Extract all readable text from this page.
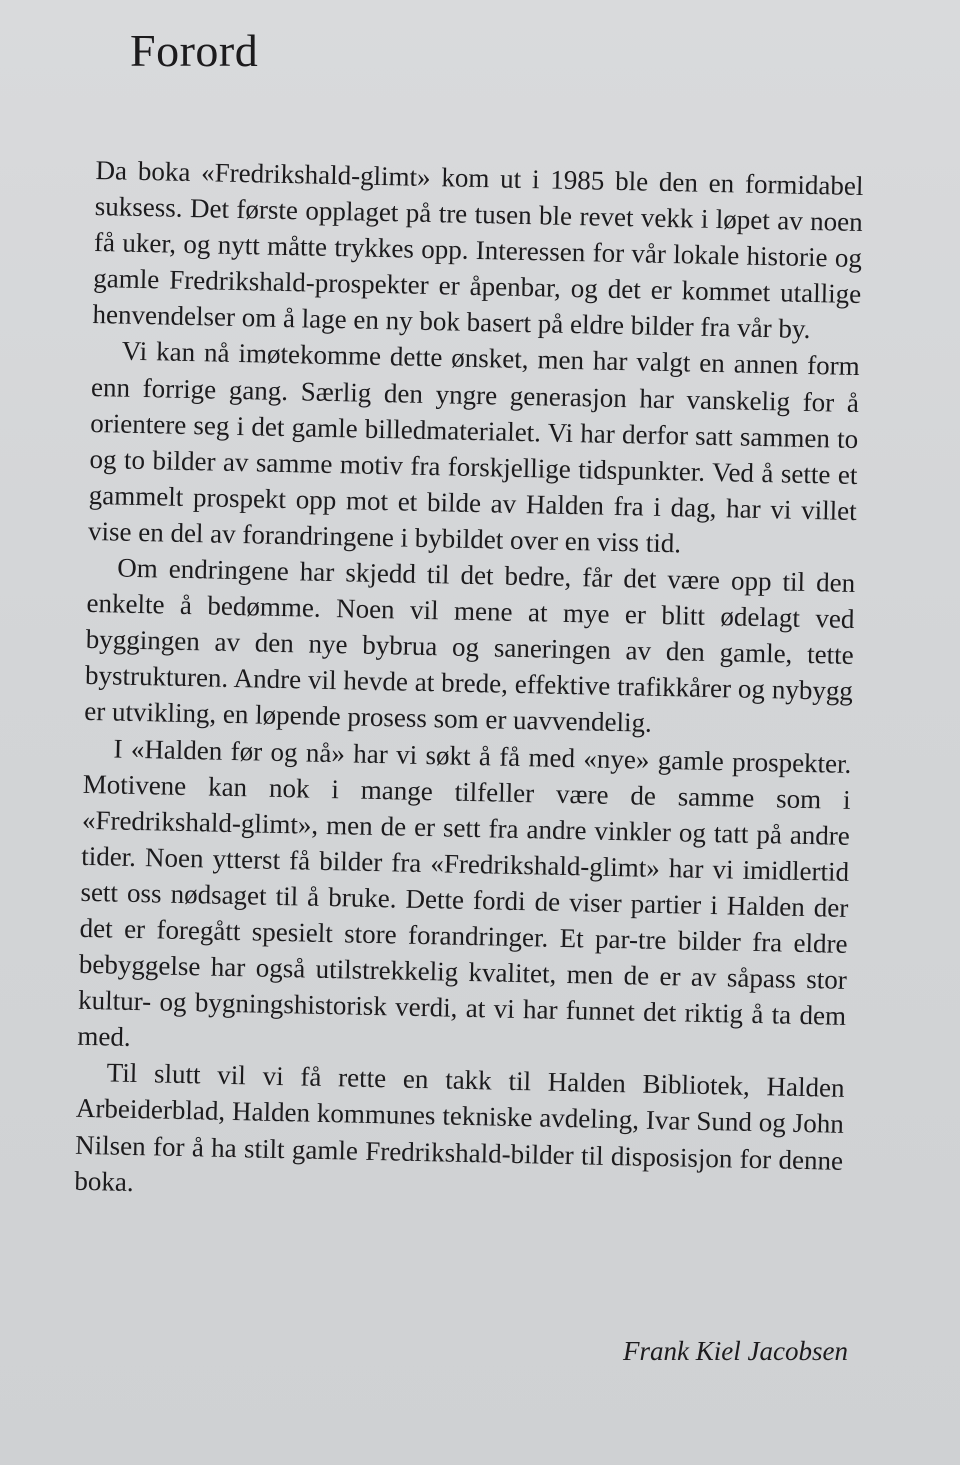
Forord

Da boka «Fredrikshald-glimt» kom ut i 1985 ble den en formidabel suksess. Det første opplaget på tre tusen ble revet vekk i løpet av noen få uker, og nytt måtte trykkes opp. Interessen for vår lokale historie og gamle Fredrikshald-prospekter er åpenbar, og det er kommet utallige henvendelser om å lage en ny bok basert på eldre bilder fra vår by.

Vi kan nå imøtekomme dette ønsket, men har valgt en annen form enn forrige gang. Særlig den yngre generasjon har vanskelig for å orientere seg i det gamle billedmaterialet. Vi har derfor satt sammen to og to bilder av samme motiv fra forskjellige tidspunkter. Ved å sette et gammelt prospekt opp mot et bilde av Halden fra i dag, har vi villet vise en del av forandringene i bybildet over en viss tid.

Om endringene har skjedd til det bedre, får det være opp til den enkelte å bedømme. Noen vil mene at mye er blitt ødelagt ved byggingen av den nye bybrua og saneringen av den gamle, tette bystrukturen. Andre vil hevde at brede, effektive trafikkårer og nybygg er utvikling, en løpende prosess som er uavvendelig.

I «Halden før og nå» har vi søkt å få med «nye» gamle prospekter. Motivene kan nok i mange tilfeller være de samme som i «Fredrikshald-glimt», men de er sett fra andre vinkler og tatt på andre tider. Noen ytterst få bilder fra «Fredrikshald-glimt» har vi imidlertid sett oss nødsaget til å bruke. Dette fordi de viser partier i Halden der det er foregått spesielt store forandringer. Et par-tre bilder fra eldre bebyggelse har også utilstrekkelig kvalitet, men de er av såpass stor kultur- og bygningshistorisk verdi, at vi har funnet det riktig å ta dem med.

Til slutt vil vi få rette en takk til Halden Bibliotek, Halden Arbeiderblad, Halden kommunes tekniske avdeling, Ivar Sund og John Nilsen for å ha stilt gamle Fredrikshald-bilder til disposisjon for denne boka.

Frank Kiel Jacobsen
